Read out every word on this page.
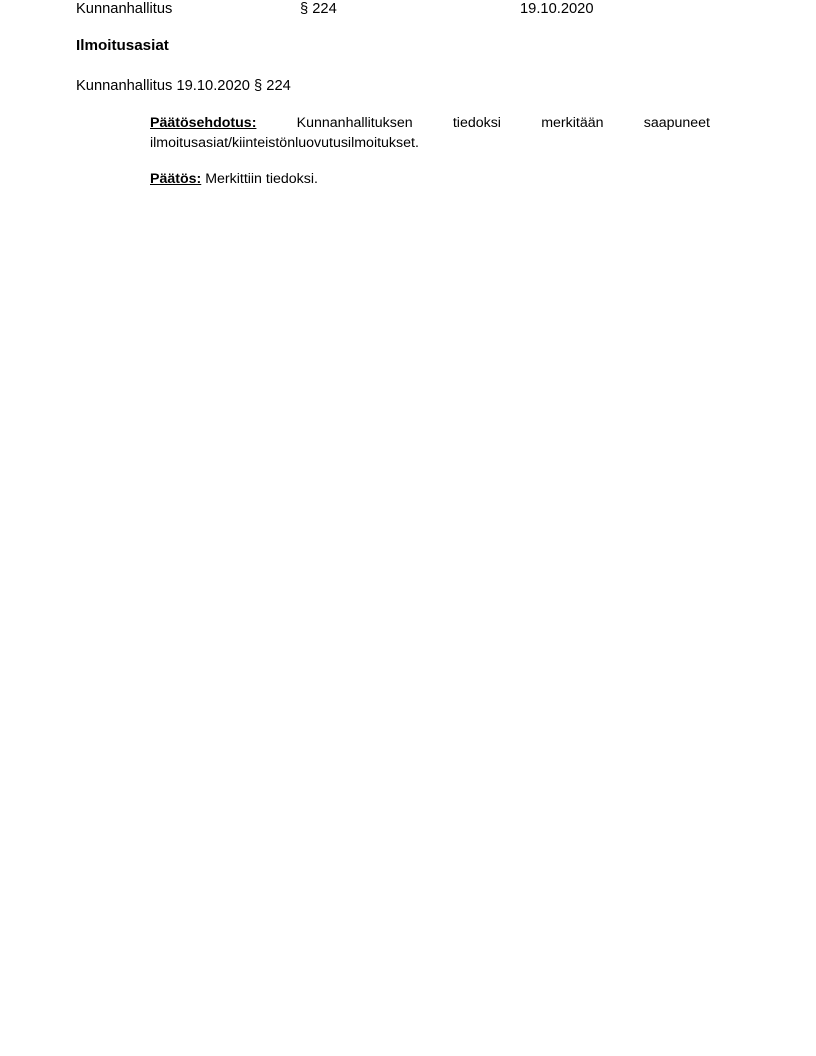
Kunnanhallitus	§ 224	19.10.2020
Ilmoitusasiat
Kunnanhallitus 19.10.2020 § 224
Päätösehdotus: Kunnanhallituksen tiedoksi merkitään saapuneet ilmoitusasiat/kiinteistönluovutusilmoitukset.
Päätös: Merkittiin tiedoksi.
